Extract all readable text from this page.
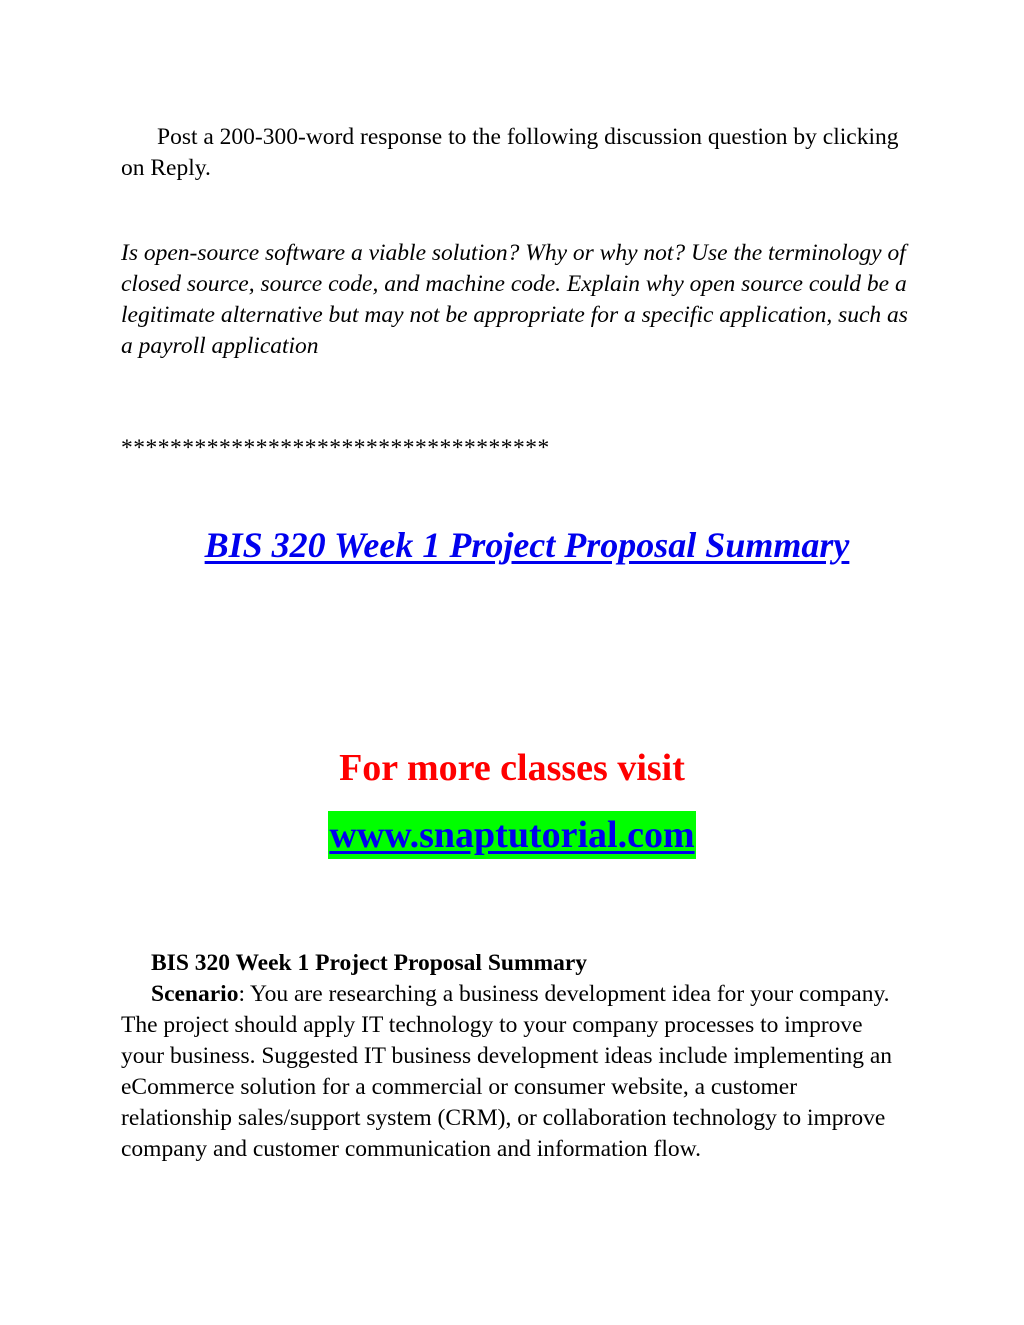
Post a 200-300-word response to the following discussion question by clicking on Reply.

Is open-source software a viable solution? Why or why not? Use the terminology of closed source, source code, and machine code. Explain why open source could be a legitimate alternative but may not be appropriate for a specific application, such as a payroll application

***********************************

BIS 320 Week 1 Project Proposal Summary

For more classes visit

www.snaptutorial.com
BIS 320 Week 1 Project Proposal Summary
Scenario: You are researching a business development idea for your company. The project should apply IT technology to your company processes to improve your business. Suggested IT business development ideas include implementing an eCommerce solution for a commercial or consumer website, a customer relationship sales/support system (CRM), or collaboration technology to improve company and customer communication and information flow.
